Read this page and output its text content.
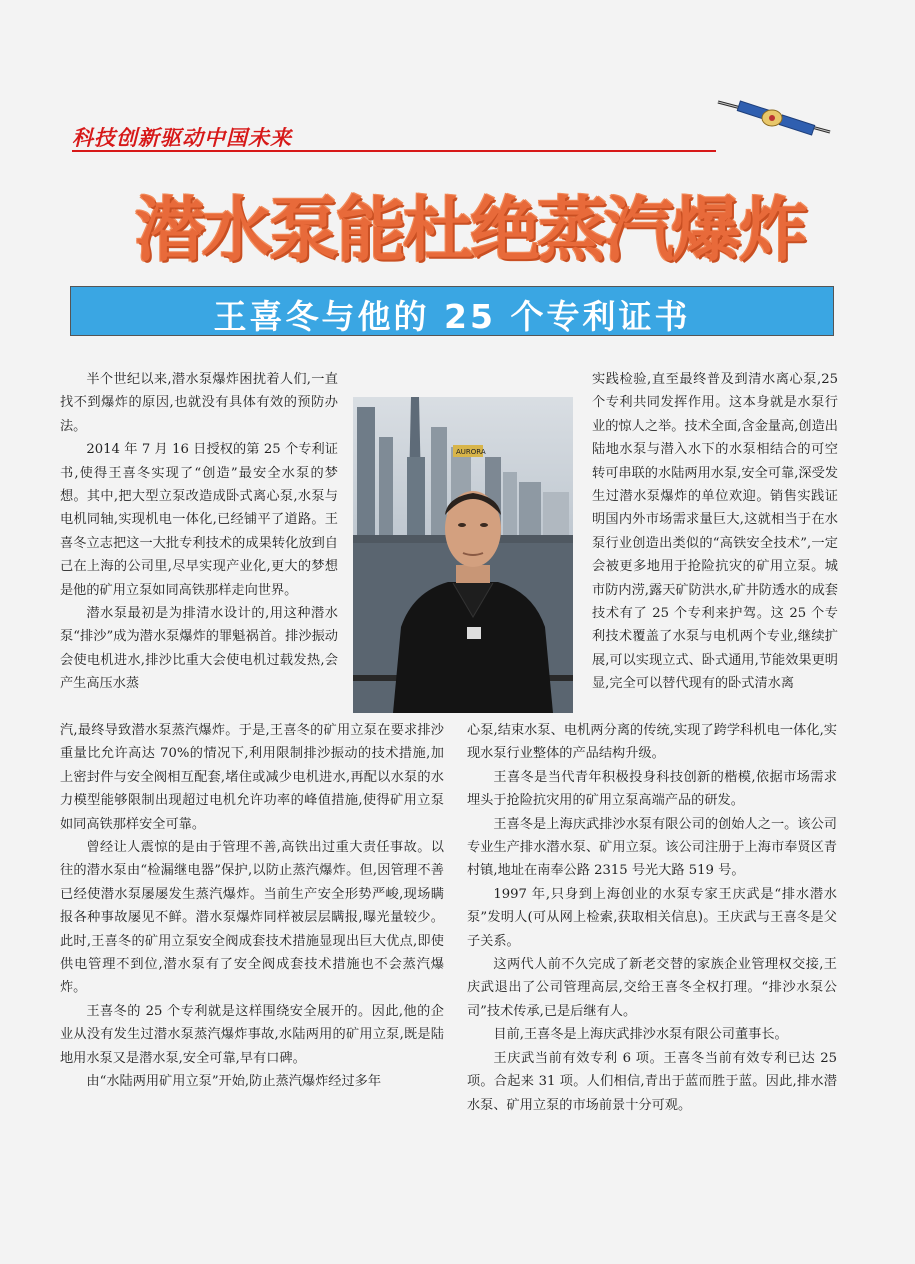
科技创新驱动中国未来
潜水泵能杜绝蒸汽爆炸
王喜冬与他的 25 个专利证书
AURORA

半个世纪以来,潜水泵爆炸困扰着人们,一直找不到爆炸的原因,也就没有具体有效的预防办法。

2014 年 7 月 16 日授权的第 25 个专利证书,使得王喜冬实现了“创造”最安全水泵的梦想。其中,把大型立泵改造成卧式离心泵,水泵与电机同轴,实现机电一体化,已经铺平了道路。王喜冬立志把这一大批专利技术的成果转化放到自己在上海的公司里,尽早实现产业化,更大的梦想是他的矿用立泵如同高铁那样走向世界。

潜水泵最初是为排清水设计的,用这种潜水泵“排沙”成为潜水泵爆炸的罪魁祸首。排沙振动会使电机进水,排沙比重大会使电机过载发热,会产生高压水蒸

汽,最终导致潜水泵蒸汽爆炸。于是,王喜冬的矿用立泵在要求排沙重量比允许高达 70%的情况下,利用限制排沙振动的技术措施,加上密封件与安全阀相互配套,堵住或减少电机进水,再配以水泵的水力模型能够限制出现超过电机允许功率的峰值措施,使得矿用立泵如同高铁那样安全可靠。

曾经让人震惊的是由于管理不善,高铁出过重大责任事故。以往的潜水泵由“检漏继电器”保护,以防止蒸汽爆炸。但,因管理不善已经使潜水泵屡屡发生蒸汽爆炸。当前生产安全形势严峻,现场瞒报各种事故屡见不鲜。潜水泵爆炸同样被层层瞒报,曝光量较少。此时,王喜冬的矿用立泵安全阀成套技术措施显现出巨大优点,即使供电管理不到位,潜水泵有了安全阀成套技术措施也不会蒸汽爆炸。

王喜冬的 25 个专利就是这样围绕安全展开的。因此,他的企业从没有发生过潜水泵蒸汽爆炸事故,水陆两用的矿用立泵,既是陆地用水泵又是潜水泵,安全可靠,早有口碑。

由“水陆两用矿用立泵”开始,防止蒸汽爆炸经过多年

实践检验,直至最终普及到清水离心泵,25 个专利共同发挥作用。这本身就是水泵行业的惊人之举。技术全面,含金量高,创造出陆地水泵与潜入水下的水泵相结合的可空转可串联的水陆两用水泵,安全可靠,深受发生过潜水泵爆炸的单位欢迎。销售实践证明国内外市场需求量巨大,这就相当于在水泵行业创造出类似的“高铁安全技术”,一定会被更多地用于抢险抗灾的矿用立泵。城市防内涝,露天矿防洪水,矿井防透水的成套技术有了 25 个专利来护驾。这 25 个专利技术覆盖了水泵与电机两个专业,继续扩展,可以实现立式、卧式通用,节能效果更明显,完全可以替代现有的卧式清水离

心泵,结束水泵、电机两分离的传统,实现了跨学科机电一体化,实现水泵行业整体的产品结构升级。

王喜冬是当代青年积极投身科技创新的楷模,依据市场需求埋头于抢险抗灾用的矿用立泵高端产品的研发。

王喜冬是上海庆武排沙水泵有限公司的创始人之一。该公司专业生产排水潜水泵、矿用立泵。该公司注册于上海市奉贤区青村镇,地址在南奉公路 2315 号光大路 519 号。

1997 年,只身到上海创业的水泵专家王庆武是“排水潜水泵”发明人(可从网上检索,获取相关信息)。王庆武与王喜冬是父子关系。

这两代人前不久完成了新老交替的家族企业管理权交接,王庆武退出了公司管理高层,交给王喜冬全权打理。“排沙水泵公司”技术传承,已是后继有人。

目前,王喜冬是上海庆武排沙水泵有限公司董事长。

王庆武当前有效专利 6 项。王喜冬当前有效专利已达 25 项。合起来 31 项。人们相信,青出于蓝而胜于蓝。因此,排水潜水泵、矿用立泵的市场前景十分可观。
